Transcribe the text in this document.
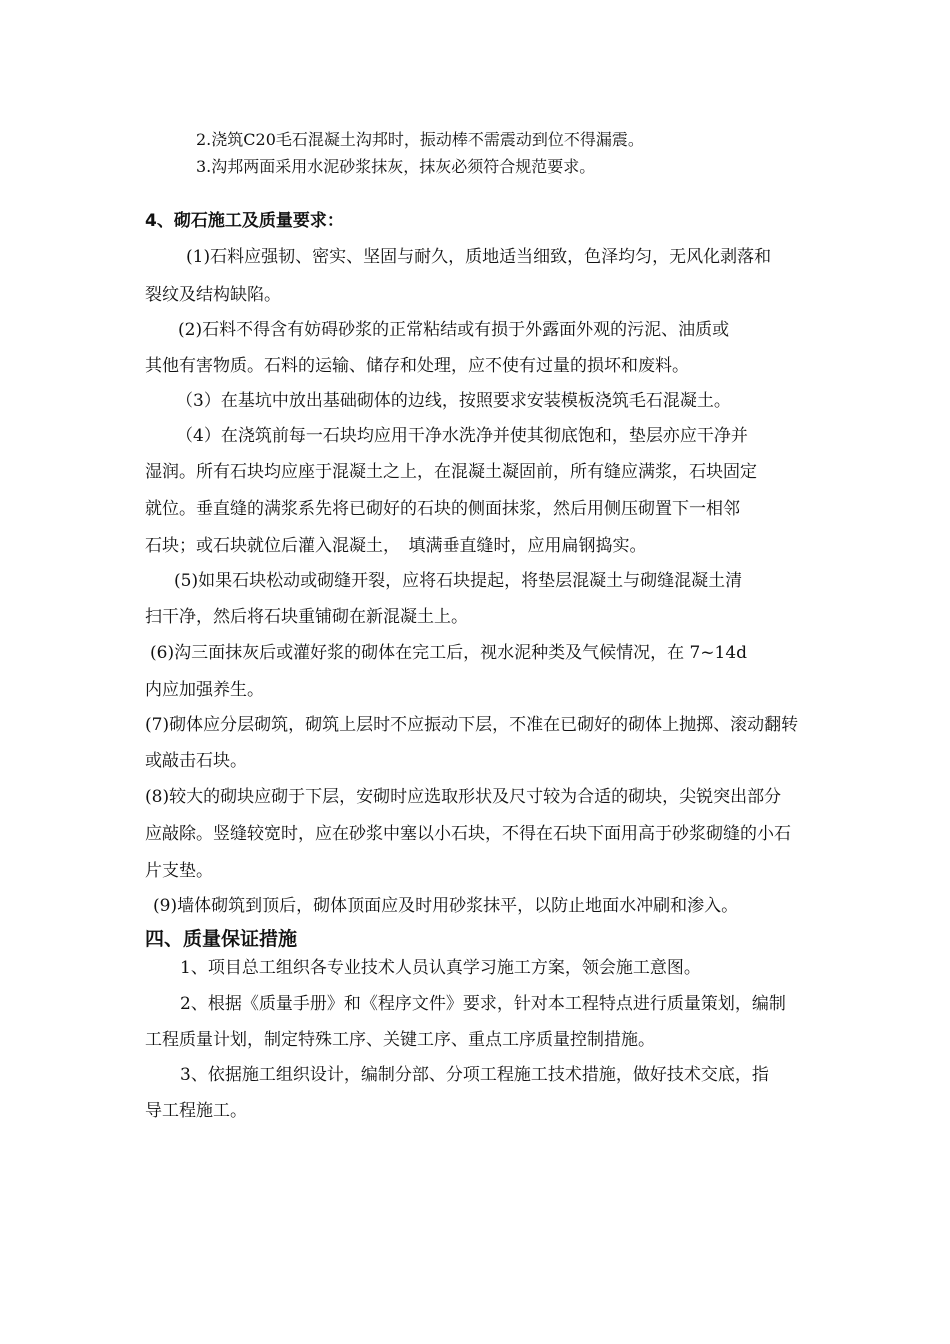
2.浇筑C20毛石混凝土沟邦时，振动棒不需震动到位不得漏震。
3.沟邦两面采用水泥砂浆抹灰，抹灰必须符合规范要求。
4、砌石施工及质量要求：
(1)石料应强韧、密实、坚固与耐久，质地适当细致，色泽均匀，无风化剥落和
裂纹及结构缺陷。
(2)石料不得含有妨碍砂浆的正常粘结或有损于外露面外观的污泥、油质或
其他有害物质。石料的运输、储存和处理，应不使有过量的损坏和废料。
（3）在基坑中放出基础砌体的边线，按照要求安装模板浇筑毛石混凝土。
（4）在浇筑前每一石块均应用干净水洗净并使其彻底饱和，垫层亦应干净并
湿润。所有石块均应座于混凝土之上，在混凝土凝固前，所有缝应满浆，石块固定
就位。垂直缝的满浆系先将已砌好的石块的侧面抹浆，然后用侧压砌置下一相邻
石块；或石块就位后灌入混凝土，　填满垂直缝时，应用扁钢捣实。
(5)如果石块松动或砌缝开裂，应将石块提起，将垫层混凝土与砌缝混凝土清
扫干净，然后将石块重铺砌在新混凝土上。
(6)沟三面抹灰后或灌好浆的砌体在完工后，视水泥种类及气候情况，在 7~14d
内应加强养生。
(7)砌体应分层砌筑，砌筑上层时不应振动下层，不准在已砌好的砌体上抛掷、滚动翻转
或敲击石块。
(8)较大的砌块应砌于下层，安砌时应选取形状及尺寸较为合适的砌块，尖锐突出部分
应敲除。竖缝较宽时，应在砂浆中塞以小石块，不得在石块下面用高于砂浆砌缝的小石
片支垫。
(9)墙体砌筑到顶后，砌体顶面应及时用砂浆抹平，以防止地面水冲刷和渗入。
四、质量保证措施
1、项目总工组织各专业技术人员认真学习施工方案，领会施工意图。
2、根据《质量手册》和《程序文件》要求，针对本工程特点进行质量策划，编制
工程质量计划，制定特殊工序、关键工序、重点工序质量控制措施。
3、依据施工组织设计，编制分部、分项工程施工技术措施，做好技术交底，指
导工程施工。
